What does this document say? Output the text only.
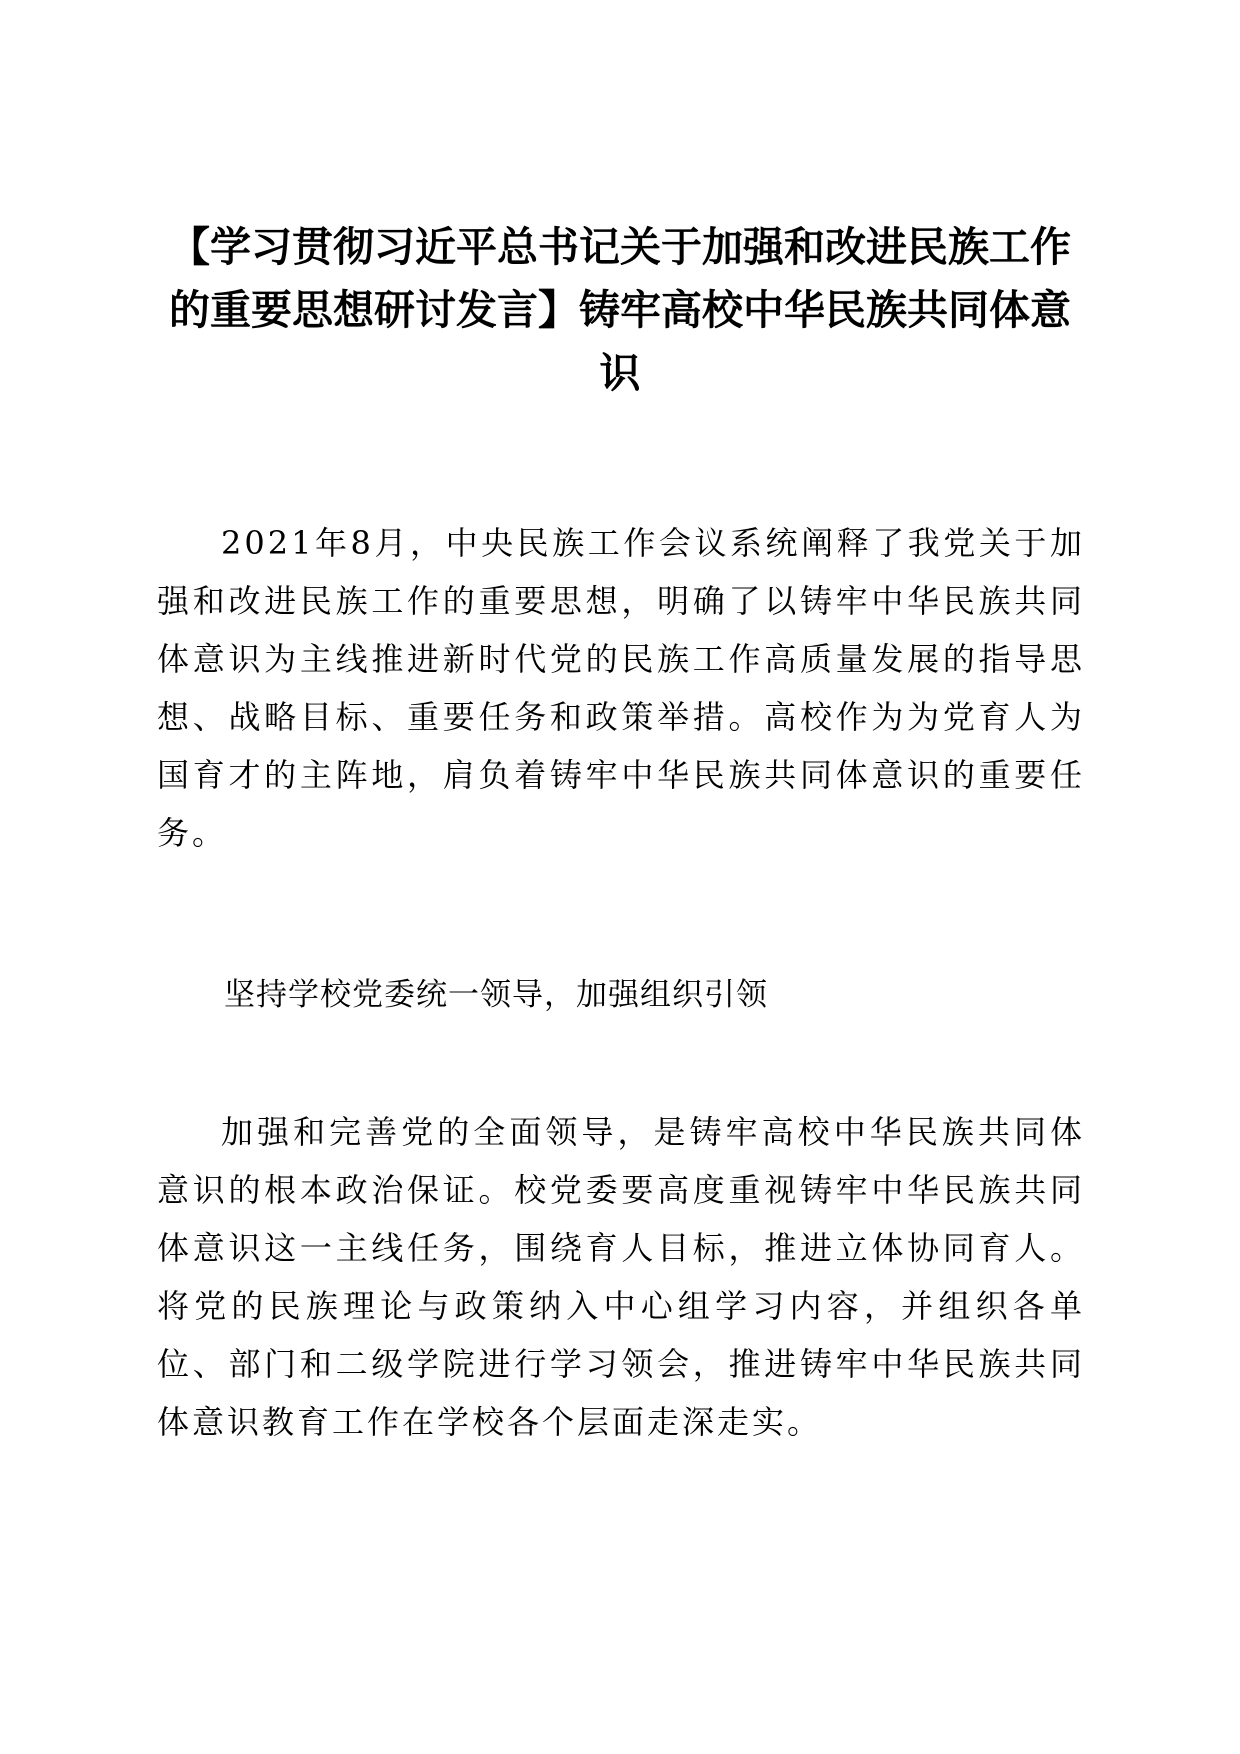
【学习贯彻习近平总书记关于加强和改进民族工作的重要思想研讨发言】铸牢高校中华民族共同体意识

2021年8月，中央民族工作会议系统阐释了我党关于加强和改进民族工作的重要思想，明确了以铸牢中华民族共同体意识为主线推进新时代党的民族工作高质量发展的指导思想、战略目标、重要任务和政策举措。高校作为为党育人为国育才的主阵地，肩负着铸牢中华民族共同体意识的重要任务。

坚持学校党委统一领导，加强组织引领

加强和完善党的全面领导，是铸牢高校中华民族共同体意识的根本政治保证。校党委要高度重视铸牢中华民族共同体意识这一主线任务，围绕育人目标，推进立体协同育人。将党的民族理论与政策纳入中心组学习内容，并组织各单位、部门和二级学院进行学习领会，推进铸牢中华民族共同体意识教育工作在学校各个层面走深走实。
